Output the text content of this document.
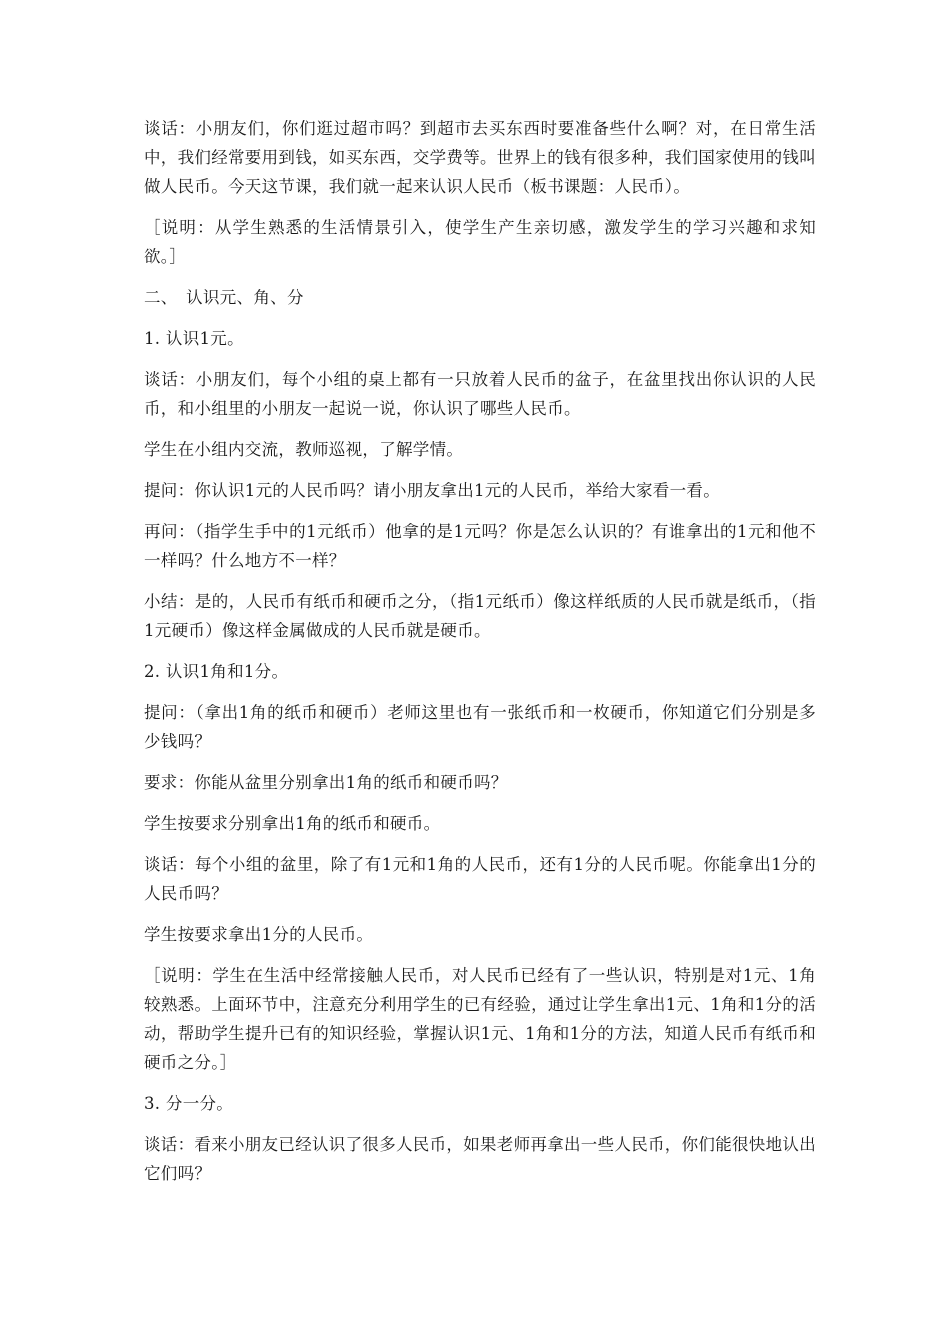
谈话：小朋友们，你们逛过超市吗？到超市去买东西时要准备些什么啊？对，在日常生活中，我们经常要用到钱，如买东西，交学费等。世界上的钱有很多种，我们国家使用的钱叫做人民币。今天这节课，我们就一起来认识人民币（板书课题：人民币）。

［说明：从学生熟悉的生活情景引入，使学生产生亲切感，激发学生的学习兴趣和求知欲。］

二、　认识元、角、分

1. 认识1元。

谈话：小朋友们，每个小组的桌上都有一只放着人民币的盆子，在盆里找出你认识的人民币，和小组里的小朋友一起说一说，你认识了哪些人民币。

学生在小组内交流，教师巡视，了解学情。

提问：你认识1元的人民币吗？请小朋友拿出1元的人民币，举给大家看一看。

再问：（指学生手中的1元纸币）他拿的是1元吗？你是怎么认识的？有谁拿出的1元和他不一样吗？什么地方不一样？

小结：是的，人民币有纸币和硬币之分，（指1元纸币）像这样纸质的人民币就是纸币，（指1元硬币）像这样金属做成的人民币就是硬币。

2. 认识1角和1分。

提问：（拿出1角的纸币和硬币）老师这里也有一张纸币和一枚硬币，你知道它们分别是多少钱吗？

要求：你能从盆里分别拿出1角的纸币和硬币吗？

学生按要求分别拿出1角的纸币和硬币。

谈话：每个小组的盆里，除了有1元和1角的人民币，还有1分的人民币呢。你能拿出1分的人民币吗？

学生按要求拿出1分的人民币。

［说明：学生在生活中经常接触人民币，对人民币已经有了一些认识，特别是对1元、1角较熟悉。上面环节中，注意充分利用学生的已有经验，通过让学生拿出1元、1角和1分的活动，帮助学生提升已有的知识经验，掌握认识1元、1角和1分的方法，知道人民币有纸币和硬币之分。］

3. 分一分。

谈话：看来小朋友已经认识了很多人民币，如果老师再拿出一些人民币，你们能很快地认出它们吗？
